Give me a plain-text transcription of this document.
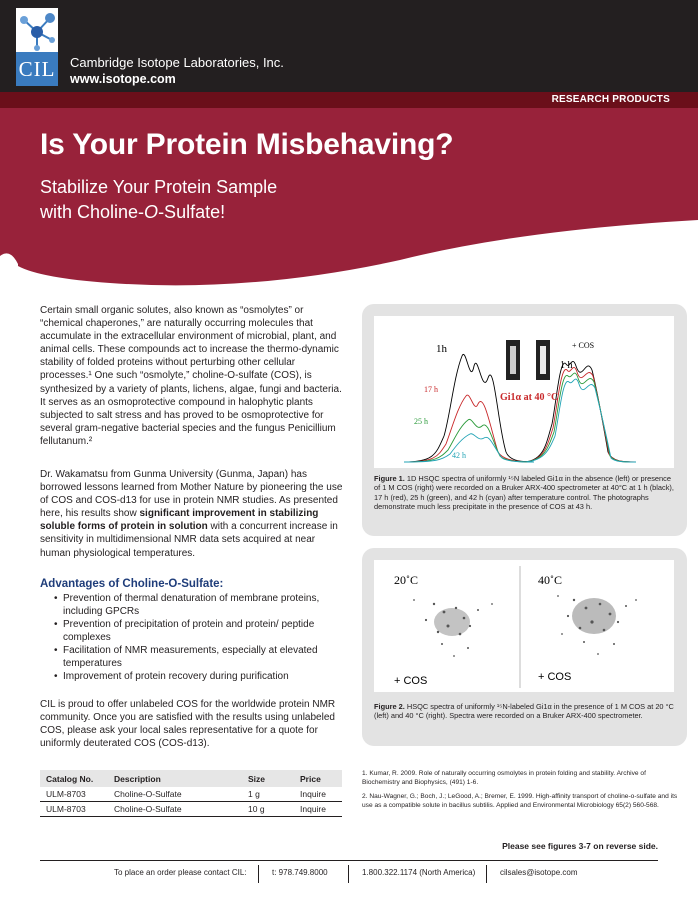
CIL Cambridge Isotope Laboratories, Inc.
www.isotope.com
RESEARCH PRODUCTS
Is Your Protein Misbehaving?
Stabilize Your Protein Sample
with Choline-O-Sulfate!

Certain small organic solutes, also known as “osmolytes” or “chemical chaperones,” are naturally occurring molecules that accumulate in the extracellular environment of microbial, plant, and animal cells. These compounds act to increase the thermo-dynamic stability of folded proteins without perturbing other cellular processes.¹ One such “osmolyte,” choline-O-sulfate (COS), is synthesized by a variety of plants, lichens, algae, fungi and bacteria. It serves as an osmoprotective compound in halophytic plants subjected to salt stress and has proved to be osmoprotective for several gram-negative bacterial species and the fungus Penicillium fellutanum.²

Dr. Wakamatsu from Gunma University (Gunma, Japan) has borrowed lessons learned from Mother Nature by pioneering the use of COS and COS-d13 for use in protein NMR studies. As presented here, his results show significant improvement in stabilizing soluble forms of protein in solution with a concurrent increase in sensitivity in multidimensional NMR data sets acquired at near human physiological temperatures.

Advantages of Choline-O-Sulfate:
• Prevention of thermal denaturation of membrane proteins, including GPCRs
• Prevention of precipitation of protein and protein/ peptide complexes
• Facilitation of NMR measurements, especially at elevated temperatures
• Improvement of protein recovery during purification

CIL is proud to offer unlabeled COS for the worldwide protein NMR community. Once you are satisfied with the results using unlabeled COS, please ask your local sales representative for a quote for uniformly deuterated COS (COS-d13).

Catalog No.	Description	Size	Price
ULM-8703	Choline-O-Sulfate	1 g	Inquire
ULM-8703	Choline-O-Sulfate	10 g	Inquire
1h
17 h
25 h
42 h
+ COS
1 h
Gi1α at 40 °C
Figure 1. 1D HSQC spectra of uniformly ¹⁵N labeled Gi1α in the absence (left) or presence of 1 M COS (right) were recorded on a Bruker ARX-400 spectrometer at 40°C at 1 h (black), 17 h (red), 25 h (green), and 42 h (cyan) after temperature control. The photographs demonstrate much less precipitate in the presence of COS at 43 h.
20˚C	40˚C
+ COS	+ COS
Figure 2. HSQC spectra of uniformly ¹⁵N-labeled Gi1α in the presence of 1 M COS at 20 °C (left) and 40 °C (right). Spectra were recorded on a Bruker ARX-400 spectrometer.

1. Kumar, R. 2009. Role of naturally occurring osmolytes in protein folding and stability. Archive of Biochemistry and Biophysics, (491) 1-6.

2. Nau-Wagner, G.; Boch, J.; LeGood, A.; Bremer, E. 1999. High-affinity transport of choline-o-sulfate and its use as a compatible solute in bacillus subtilis. Applied and Environmental Microbiology 65(2) 560-568.

Please see figures 3-7 on reverse side.
To place an order please contact CIL:	t: 978.749.8000	1.800.322.1174 (North America)	cilsales@isotope.com
